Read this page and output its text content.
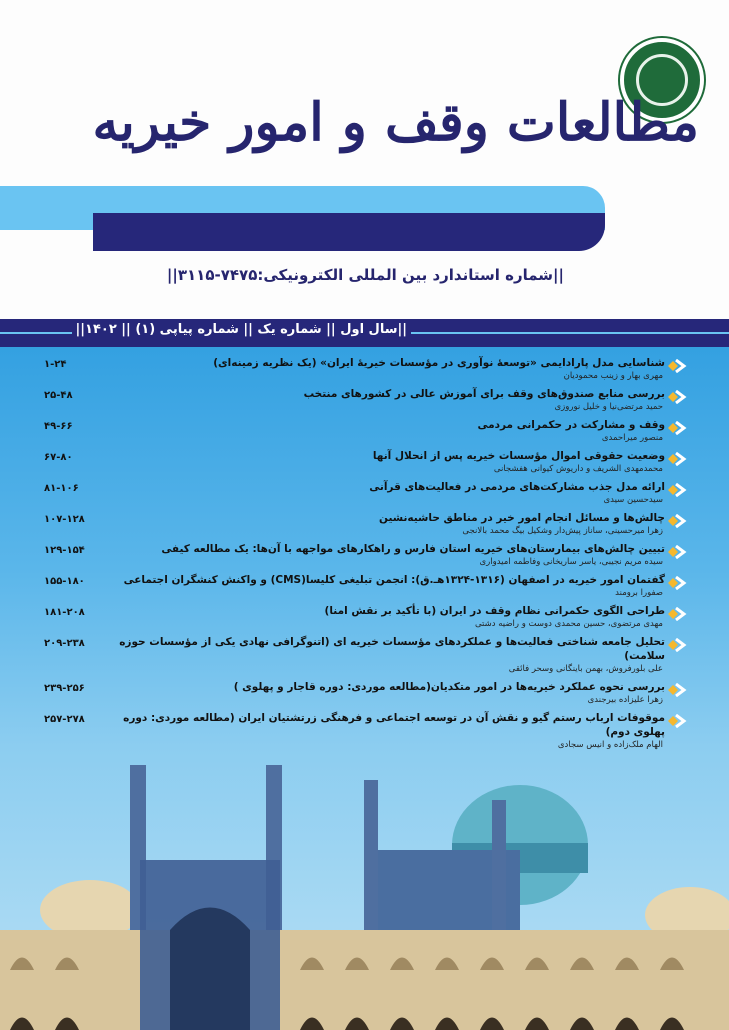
مطالعات وقف و امور خیریه
||شماره استاندارد بین المللی الکترونیکی:۷۴۷۵-۳۱۱۵||
||سال اول || شماره یک || شماره پیاپی (۱) || ۱۴۰۲||
۱-۲۴	شناسایی مدل پارادایمی «توسعهٔ نوآوری در مؤسسات خیریهٔ ایران» (یک نظریه زمینه‌ای)
مهری بهار و زینب محمودیان
۲۵-۴۸	بررسی منابع صندوق‌های وقف برای آموزش عالی در کشورهای منتخب
حمید مرتضی‌نیا و خلیل نوروزی
۴۹-۶۶	وقف و مشارکت در حکمرانی مردمی
منصور میراحمدی
۶۷-۸۰	وضعیت حقوقی اموال مؤسسات خیریه پس از انحلال آنها
محمدمهدی الشریف و داریوش کیوانی هفشجانی
۸۱-۱۰۶	ارائه مدل جذب مشارکت‌های مردمی در فعالیت‌های قرآنی
سیدحسین سیدی
۱۰۷-۱۲۸	چالش‌ها و مسائل انجام امور خیر در مناطق حاشیه‌نشین
زهرا میرحسینی، ساناز پیش‌دار وشکیل بیگ محمد بالانجی
۱۲۹-۱۵۴	تبیین چالش‌های بیمارستان‌های خیریه استان فارس و راهکارهای مواجهه با آن‌ها: یک مطالعه کیفی
سیده مریم نجیبی، یاسر ساریخانی وفاطمه امیدواری
۱۵۵-۱۸۰	گفتمان امور خیریه در اصفهان (۱۳۱۶-۱۳۲۴هـ.ق): انجمن تبلیغی کلیسا(CMS) و واکنش کنشگران اجتماعی
صفورا برومند
۱۸۱-۲۰۸	طراحی الگوی حکمرانی نظام وقف در ایران (با تأکید بر نقش امنا)
مهدی مرتضوی، حسین محمدی دوست و راضیه دشتی
۲۰۹-۲۳۸	تحلیل جامعه شناختی فعالیت‌ها و عملکردهای مؤسسات خیریه ای (اتنوگرافی نهادی یکی از مؤسسات حوزه سلامت)
علی بلورفروش، بهمن باینگانی وسحر فائقی
۲۳۹-۲۵۶	بررسی نحوه عملکرد خیریه‌ها در امور متکدیان(مطالعه موردی: دوره قاجار و پهلوی )
زهرا علیزاده بیرجندی
۲۵۷-۲۷۸	موقوفات ارباب رستم گیو و نقش آن در توسعه اجتماعی و فرهنگی زرتشتیان ایران (مطالعه موردی: دوره پهلوی دوم)
الهام ملک‌زاده و انیس سجادی
